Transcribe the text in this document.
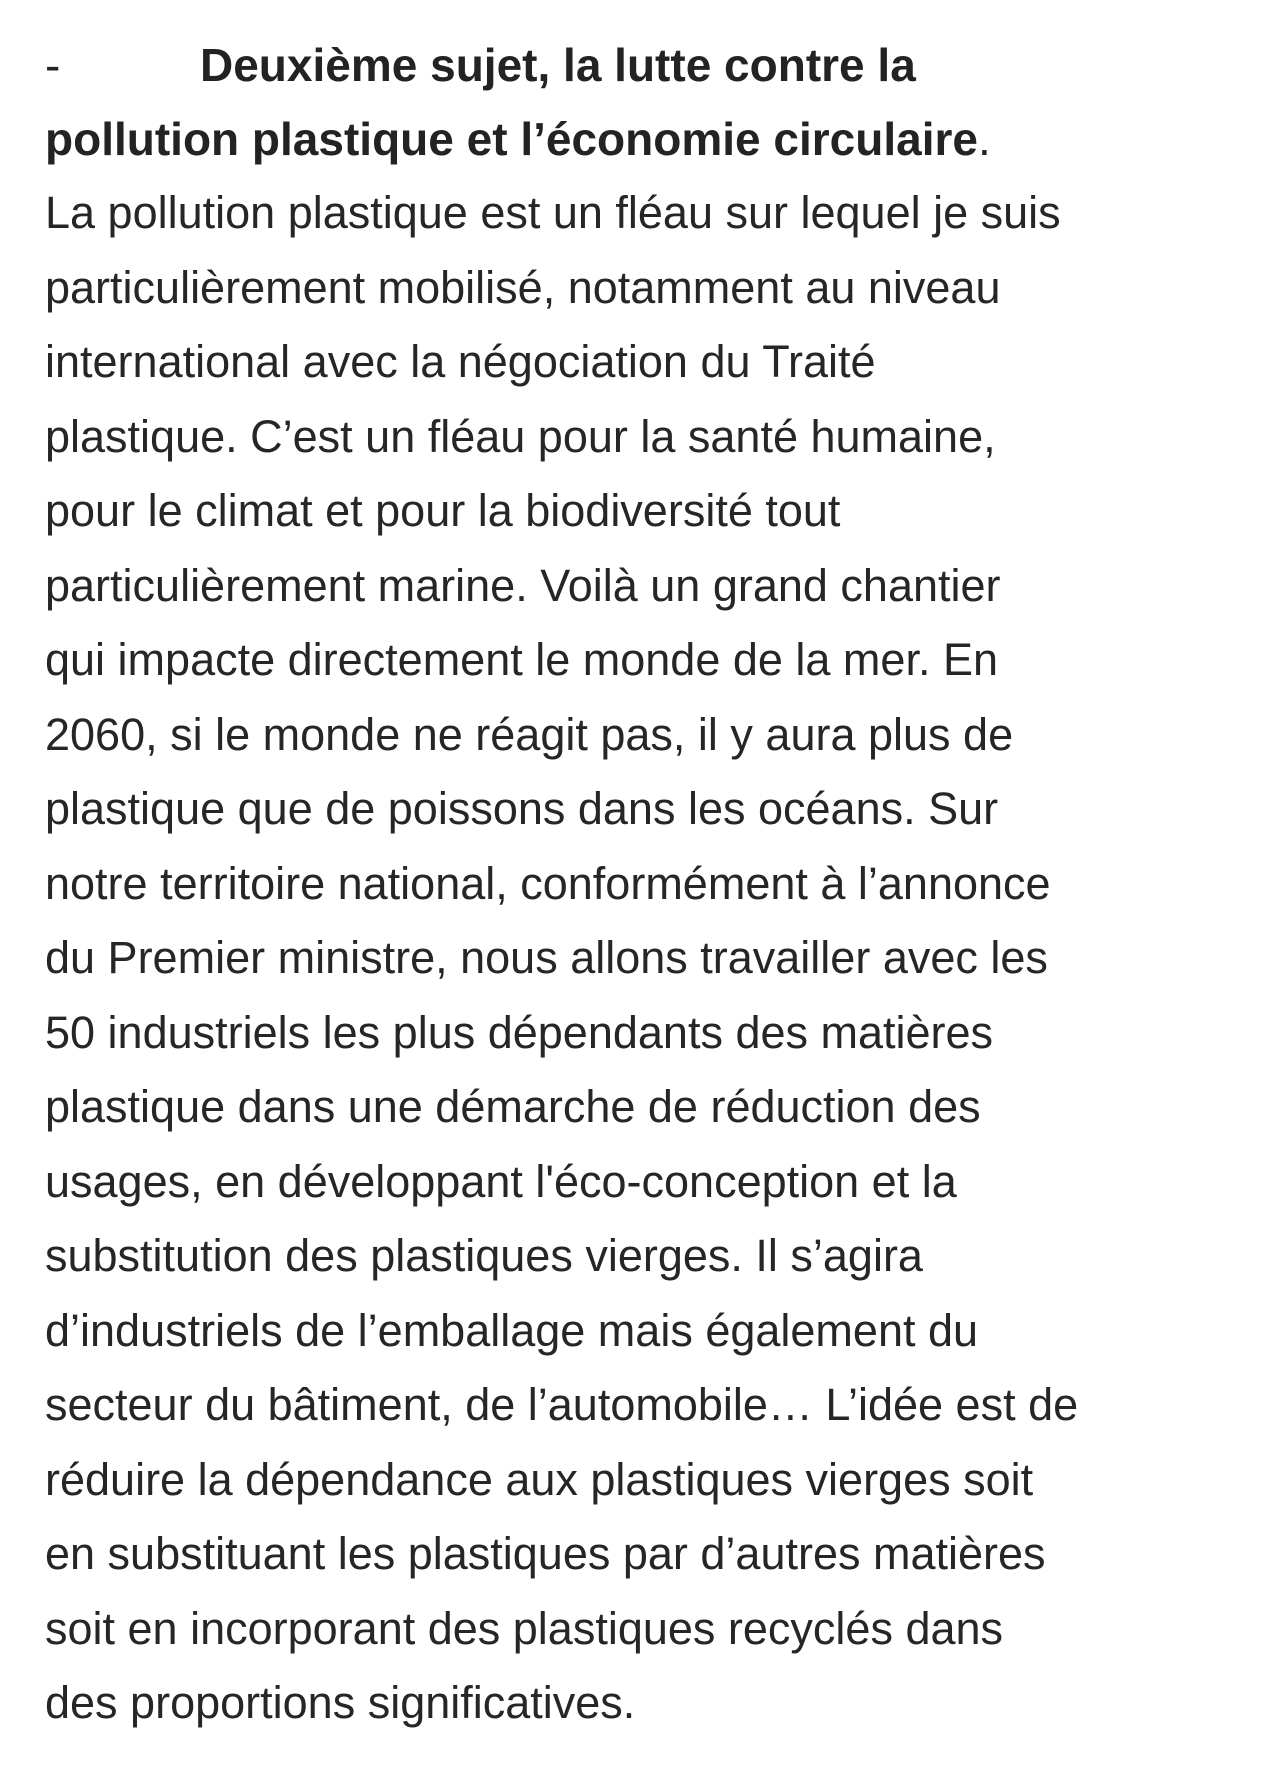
-	Deuxième sujet, la lutte contre la
pollution plastique et l’économie circulaire.
La pollution plastique est un fléau sur lequel je suis
particulièrement mobilisé, notamment au niveau
international avec la négociation du Traité
plastique. C’est un fléau pour la santé humaine,
pour le climat et pour la biodiversité tout
particulièrement marine. Voilà un grand chantier
qui impacte directement le monde de la mer. En
2060, si le monde ne réagit pas, il y aura plus de
plastique que de poissons dans les océans. Sur
notre territoire national, conformément à l’annonce
du Premier ministre, nous allons travailler avec les
50 industriels les plus dépendants des matières
plastique dans une démarche de réduction des
usages, en développant l'éco-conception et la
substitution des plastiques vierges. Il s’agira
d’industriels de l’emballage mais également du
secteur du bâtiment, de l’automobile… L’idée est de
réduire la dépendance aux plastiques vierges soit
en substituant les plastiques par d’autres matières
soit en incorporant des plastiques recyclés dans
des proportions significatives.
